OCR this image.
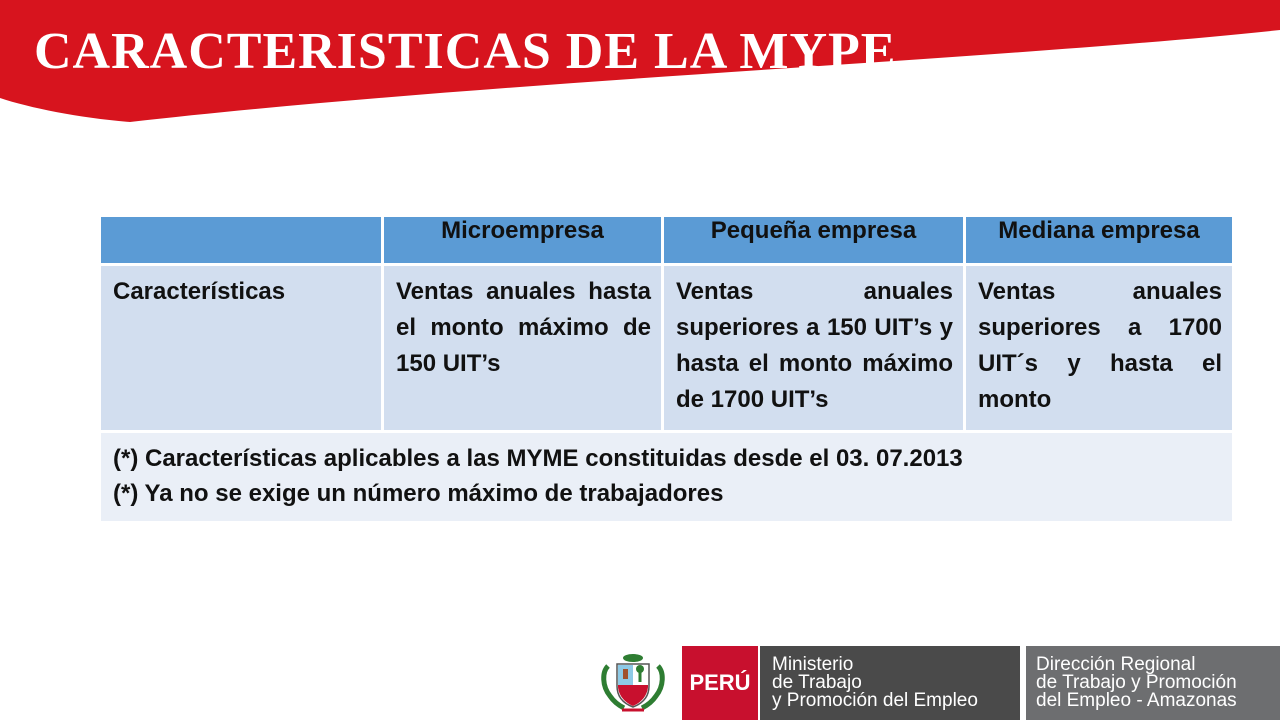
CARACTERISTICAS DE LA MYPE
	Microempresa	Pequeña empresa	Mediana empresa
Características	Ventas anuales hasta el monto máximo de 150 UIT’s	Ventas anuales superiores a 150 UIT’s y hasta el monto máximo de 1700 UIT’s	Ventas anuales superiores a 1700 UIT´s y hasta el monto

(*) Características aplicables a las MYME constituidas desde el 03. 07.2013
(*) Ya no se exige un número máximo de trabajadores			
PERÚ
Ministerio
de Trabajo
y Promoción del Empleo
Dirección Regional
de Trabajo y Promoción
del Empleo - Amazonas
